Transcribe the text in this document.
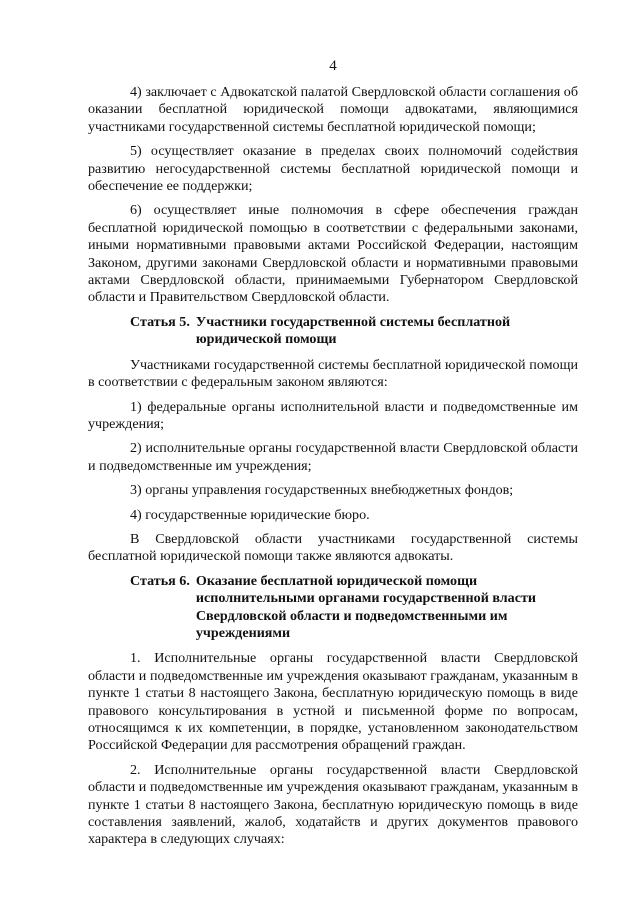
4

4) заключает с Адвокатской палатой Свердловской области соглашения об оказании бесплатной юридической помощи адвокатами, являющимися участниками государственной системы бесплатной юридической помощи;

5) осуществляет оказание в пределах своих полномочий содействия развитию негосударственной системы бесплатной юридической помощи и обеспечение ее поддержки;

6) осуществляет иные полномочия в сфере обеспечения граждан бесплатной юридической помощью в соответствии с федеральными законами, иными нормативными правовыми актами Российской Федерации, настоящим Законом, другими законами Свердловской области и нормативными правовыми актами Свердловской области, принимаемыми Губернатором Свердловской области и Правительством Свердловской области.

Статья 5. Участники государственной системы бесплатной юридической помощи

Участниками государственной системы бесплатной юридической помощи в соответствии с федеральным законом являются:

1) федеральные органы исполнительной власти и подведомственные им учреждения;

2) исполнительные органы государственной власти Свердловской области и подведомственные им учреждения;

3) органы управления государственных внебюджетных фондов;

4) государственные юридические бюро.

В Свердловской области участниками государственной системы бесплатной юридической помощи также являются адвокаты.

Статья 6. Оказание бесплатной юридической помощи исполнительными органами государственной власти Свердловской области и подведомственными им учреждениями

1. Исполнительные органы государственной власти Свердловской области и подведомственные им учреждения оказывают гражданам, указанным в пункте 1 статьи 8 настоящего Закона, бесплатную юридическую помощь в виде правового консультирования в устной и письменной форме по вопросам, относящимся к их компетенции, в порядке, установленном законодательством Российской Федерации для рассмотрения обращений граждан.

2. Исполнительные органы государственной власти Свердловской области и подведомственные им учреждения оказывают гражданам, указанным в пункте 1 статьи 8 настоящего Закона, бесплатную юридическую помощь в виде составления заявлений, жалоб, ходатайств и других документов правового характера в следующих случаях:
